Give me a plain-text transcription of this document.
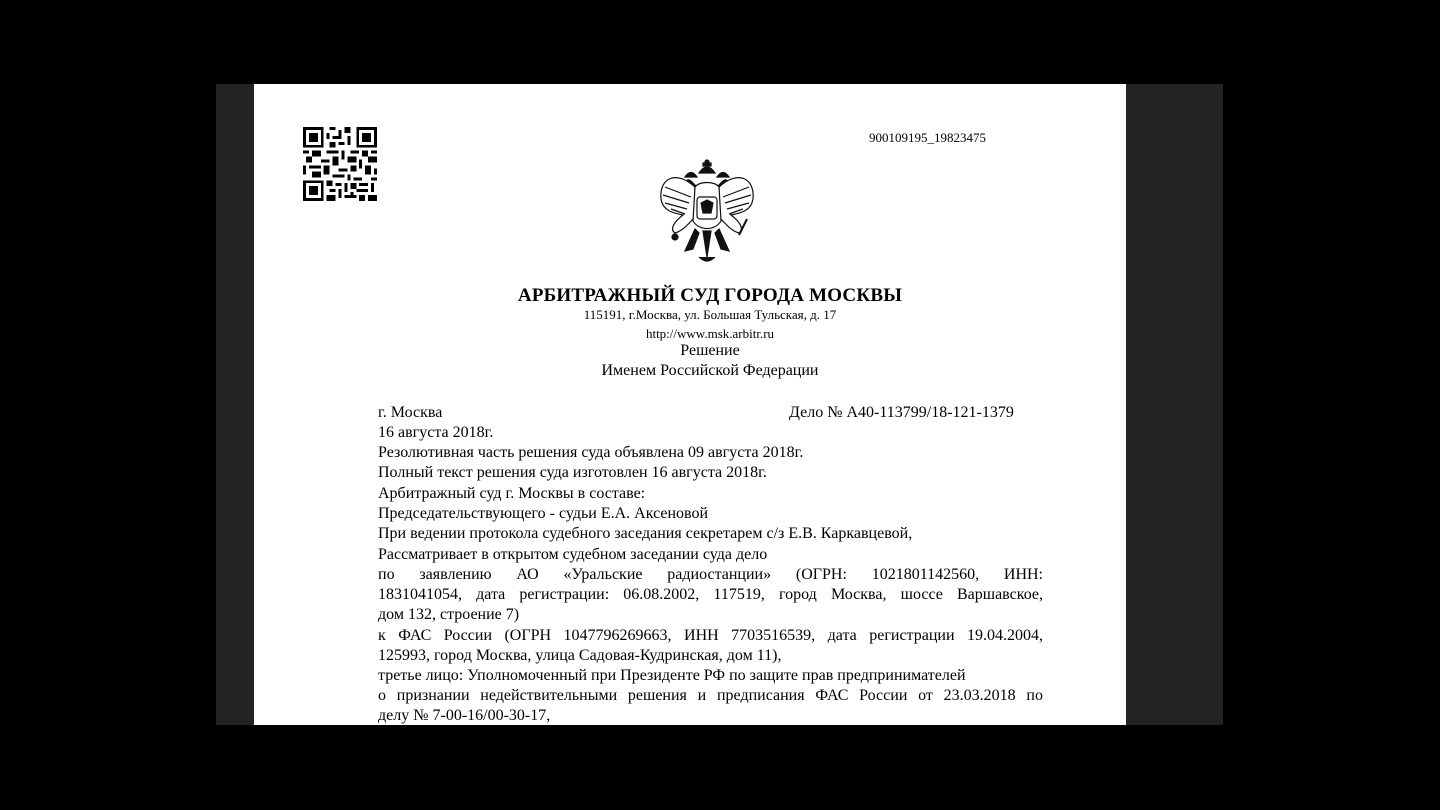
900109195_19823475
АРБИТРАЖНЫЙ СУД ГОРОДА МОСКВЫ
115191, г.Москва, ул. Большая Тульская, д. 17
http://www.msk.arbitr.ru
Решение
Именем Российской Федерации
г. Москва	Дело № А40-113799/18-121-1379
16 августа 2018г.
Резолютивная часть решения суда объявлена 09 августа 2018г.
Полный текст решения суда изготовлен 16 августа 2018г.
Арбитражный суд г. Москвы в составе:
Председательствующего - судьи Е.А. Аксеновой
При ведении протокола судебного заседания секретарем с/з Е.В. Каркавцевой,
Рассматривает в открытом судебном заседании суда дело
по заявлению АО «Уральские радиостанции» (ОГРН: 1021801142560, ИНН:
1831041054, дата регистрации: 06.08.2002, 117519, город Москва, шоссе Варшавское,
дом 132, строение 7)
к ФАС России (ОГРН 1047796269663, ИНН 7703516539, дата регистрации 19.04.2004,
125993, город Москва, улица Садовая-Кудринская, дом 11),
третье лицо: Уполномоченный при Президенте РФ по защите прав предпринимателей
о признании недействительными решения и предписания ФАС России от 23.03.2018 по
делу № 7-00-16/00-30-17,
